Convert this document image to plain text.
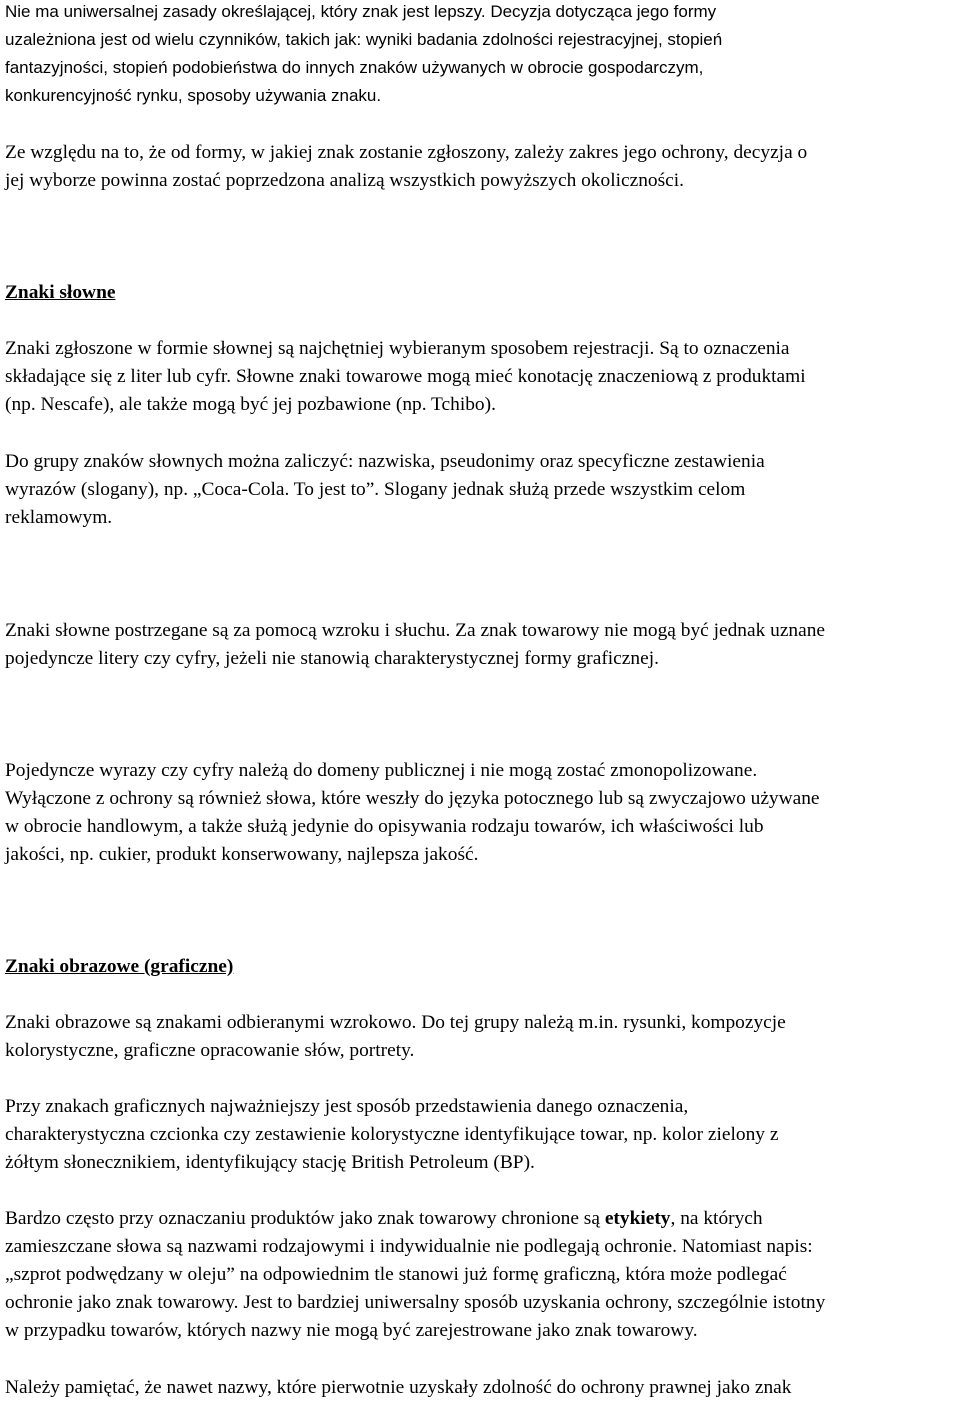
Nie ma uniwersalnej zasady określającej, który znak jest lepszy. Decyzja dotycząca jego formy
uzależniona jest od wielu czynników, takich jak: wyniki badania zdolności rejestracyjnej, stopień
fantazyjności, stopień podobieństwa do innych znaków używanych w obrocie gospodarczym,
konkurencyjność rynku, sposoby używania znaku.
Ze względu na to, że od formy, w jakiej znak zostanie zgłoszony, zależy zakres jego ochrony, decyzja o
jej wyborze powinna zostać poprzedzona analizą wszystkich powyższych okoliczności.
Znaki słowne
Znaki zgłoszone w formie słownej są najchętniej wybieranym sposobem rejestracji. Są to oznaczenia
składające się z liter lub cyfr. Słowne znaki towarowe mogą mieć konotację znaczeniową z produktami
(np. Nescafe), ale także mogą być jej pozbawione (np. Tchibo).
Do grupy znaków słownych można zaliczyć: nazwiska, pseudonimy oraz specyficzne zestawienia
wyrazów (slogany), np. „Coca-Cola. To jest to”. Slogany jednak służą przede wszystkim celom
reklamowym.
Znaki słowne postrzegane są za pomocą wzroku i słuchu. Za znak towarowy nie mogą być jednak uznane
pojedyncze litery czy cyfry, jeżeli nie stanowią charakterystycznej formy graficznej.
Pojedyncze wyrazy czy cyfry należą do domeny publicznej i nie mogą zostać zmonopolizowane.
Wyłączone z ochrony są również słowa, które weszły do języka potocznego lub są zwyczajowo używane
w obrocie handlowym, a także służą jedynie do opisywania rodzaju towarów, ich właściwości lub
jakości, np. cukier, produkt konserwowany, najlepsza jakość.
Znaki obrazowe (graficzne)
Znaki obrazowe są znakami odbieranymi wzrokowo. Do tej grupy należą m.in. rysunki, kompozycje
kolorystyczne, graficzne opracowanie słów, portrety.
Przy znakach graficznych najważniejszy jest sposób przedstawienia danego oznaczenia,
charakterystyczna czcionka czy zestawienie kolorystyczne identyfikujące towar, np. kolor zielony z
żółtym słonecznikiem, identyfikujący stację British Petroleum (BP).
Bardzo często przy oznaczaniu produktów jako znak towarowy chronione są etykiety, na których
zamieszczane słowa są nazwami rodzajowymi i indywidualnie nie podlegają ochronie. Natomiast napis:
„szprot podwędzany w oleju” na odpowiednim tle stanowi już formę graficzną, która może podlegać
ochronie jako znak towarowy. Jest to bardziej uniwersalny sposób uzyskania ochrony, szczególnie istotny
w przypadku towarów, których nazwy nie mogą być zarejestrowane jako znak towarowy.
Należy pamiętać, że nawet nazwy, które pierwotnie uzyskały zdolność do ochrony prawnej jako znak
